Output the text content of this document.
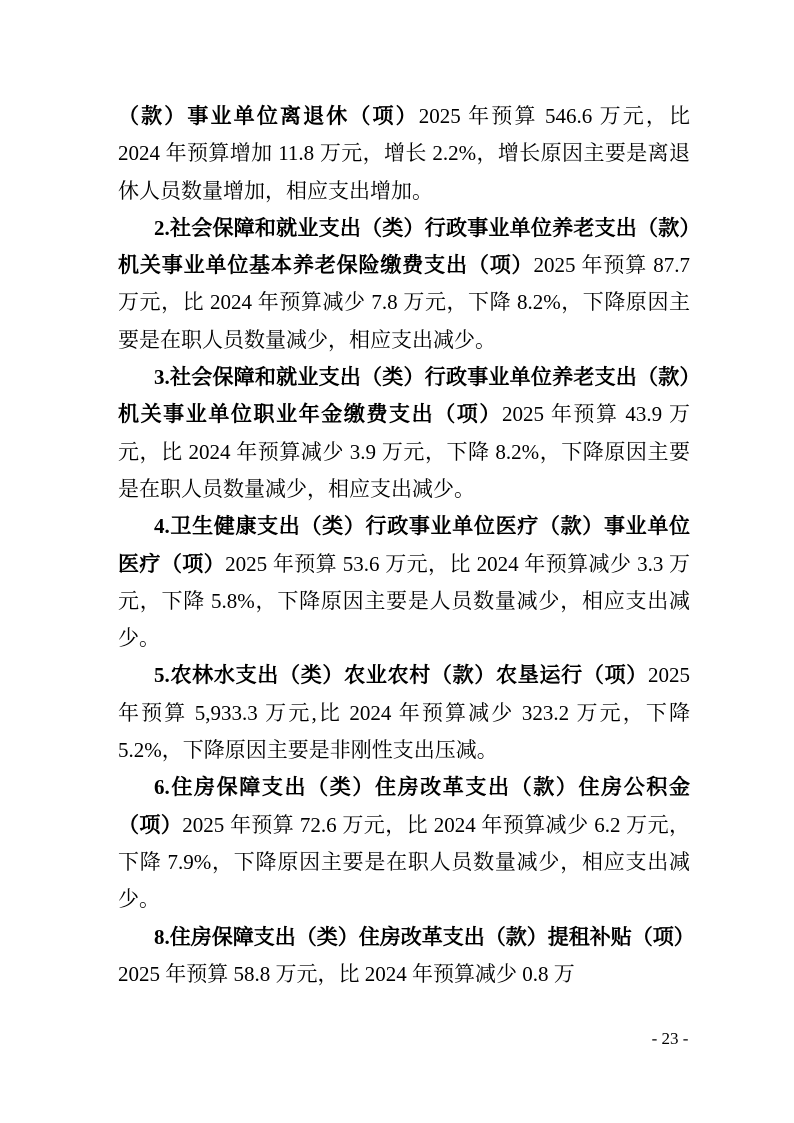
（款）事业单位离退休（项）2025 年预算 546.6 万元，比 2024 年预算增加 11.8 万元，增长 2.2%，增长原因主要是离退休人员数量增加，相应支出增加。

2.社会保障和就业支出（类）行政事业单位养老支出（款）机关事业单位基本养老保险缴费支出（项）2025 年预算 87.7 万元，比 2024 年预算减少 7.8 万元，下降 8.2%，下降原因主要是在职人员数量减少，相应支出减少。

3.社会保障和就业支出（类）行政事业单位养老支出（款）机关事业单位职业年金缴费支出（项）2025 年预算 43.9 万元，比 2024 年预算减少 3.9 万元，下降 8.2%，下降原因主要是在职人员数量减少，相应支出减少。

4.卫生健康支出（类）行政事业单位医疗（款）事业单位医疗（项）2025 年预算 53.6 万元，比 2024 年预算减少 3.3 万元，下降 5.8%，下降原因主要是人员数量减少，相应支出减少。

5.农林水支出（类）农业农村（款）农垦运行（项）2025 年预算 5,933.3 万元,比 2024 年预算减少 323.2 万元，下降 5.2%，下降原因主要是非刚性支出压减。

6.住房保障支出（类）住房改革支出（款）住房公积金（项）2025 年预算 72.6 万元，比 2024 年预算减少 6.2 万元，下降 7.9%，下降原因主要是在职人员数量减少，相应支出减少。

8.住房保障支出（类）住房改革支出（款）提租补贴（项）2025 年预算 58.8 万元，比 2024 年预算减少 0.8 万

- 23 -
